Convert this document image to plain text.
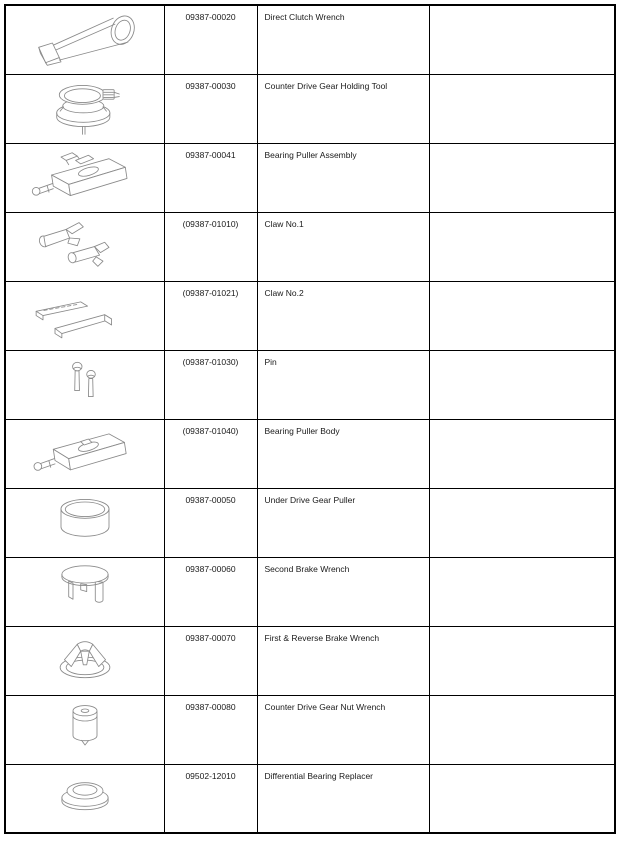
	09387-00020	Direct Clutch Wrench	

	09387-00030	Counter Drive Gear Holding Tool	

	09387-00041	Bearing Puller Assembly	

	(09387-01010)	Claw No.1	

	(09387-01021)	Claw No.2	

	(09387-01030)	Pin	

	(09387-01040)	Bearing Puller Body	

	09387-00050	Under Drive Gear Puller	

	09387-00060	Second Brake Wrench	

	09387-00070	First & Reverse Brake Wrench	

	09387-00080	Counter Drive Gear Nut Wrench	

	09502-12010	Differential Bearing Replacer	
